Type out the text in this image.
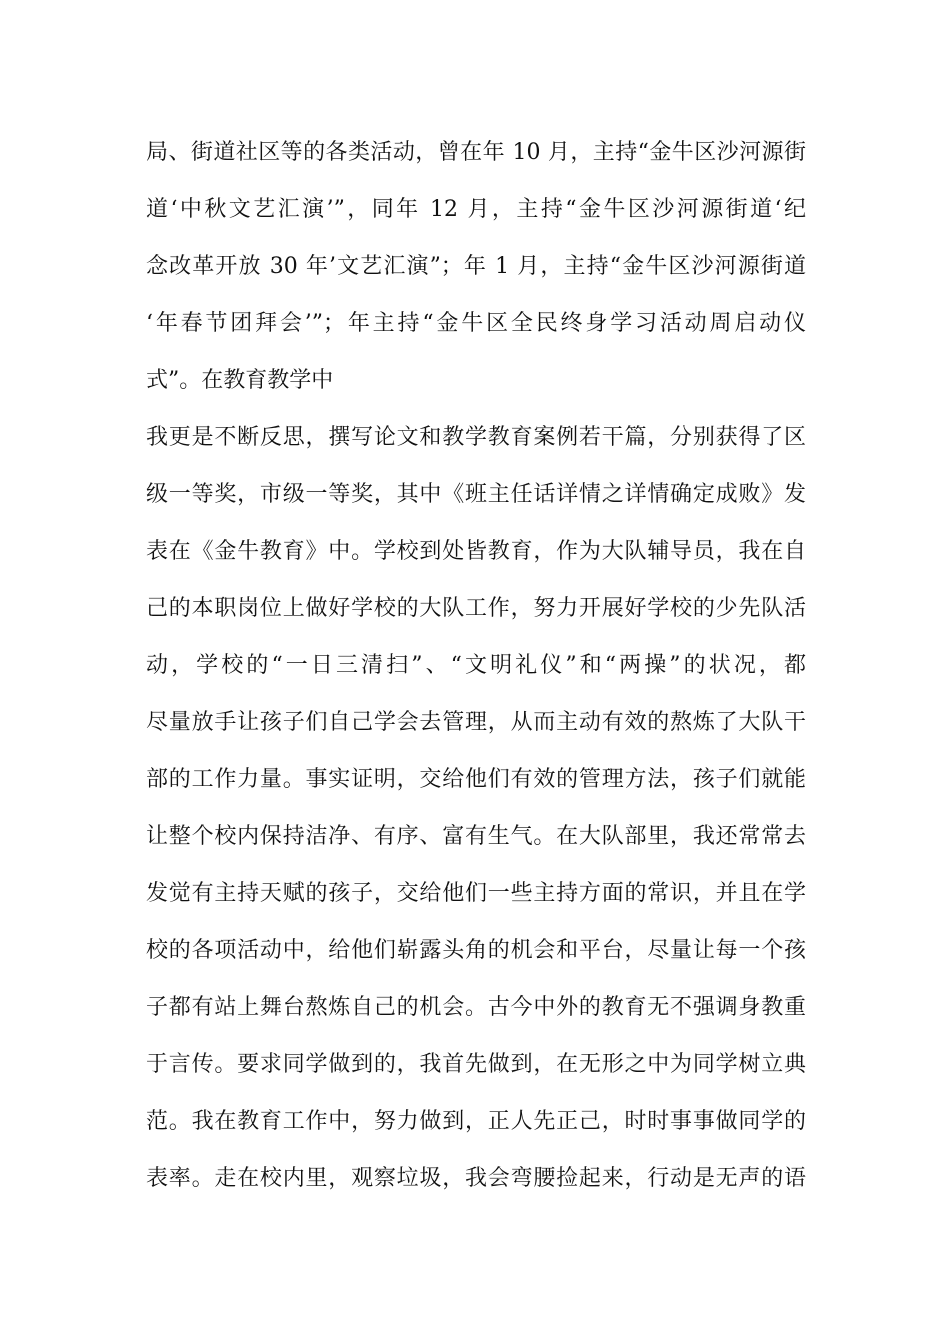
局、街道社区等的各类活动，曾在年 10 月，主持“金牛区沙河源街
道‘中秋文艺汇演’”，同年 12 月，主持“金牛区沙河源街道‘纪
念改革开放 30 年’文艺汇演”；年 1 月，主持“金牛区沙河源街道
‘年春节团拜会’”；年主持“金牛区全民终身学习活动周启动仪
式”。在教育教学中
我更是不断反思，撰写论文和教学教育案例若干篇，分别获得了区
级一等奖，市级一等奖，其中《班主任话详情之详情确定成败》发
表在《金牛教育》中。学校到处皆教育，作为大队辅导员，我在自
己的本职岗位上做好学校的大队工作，努力开展好学校的少先队活
动，学校的“一日三清扫”、“文明礼仪”和“两操”的状况，都
尽量放手让孩子们自己学会去管理，从而主动有效的熬炼了大队干
部的工作力量。事实证明，交给他们有效的管理方法，孩子们就能
让整个校内保持洁净、有序、富有生气。在大队部里，我还常常去
发觉有主持天赋的孩子，交给他们一些主持方面的常识，并且在学
校的各项活动中，给他们崭露头角的机会和平台，尽量让每一个孩
子都有站上舞台熬炼自己的机会。古今中外的教育无不强调身教重
于言传。要求同学做到的，我首先做到，在无形之中为同学树立典
范。我在教育工作中，努力做到，正人先正己，时时事事做同学的
表率。走在校内里，观察垃圾，我会弯腰捡起来，行动是无声的语
